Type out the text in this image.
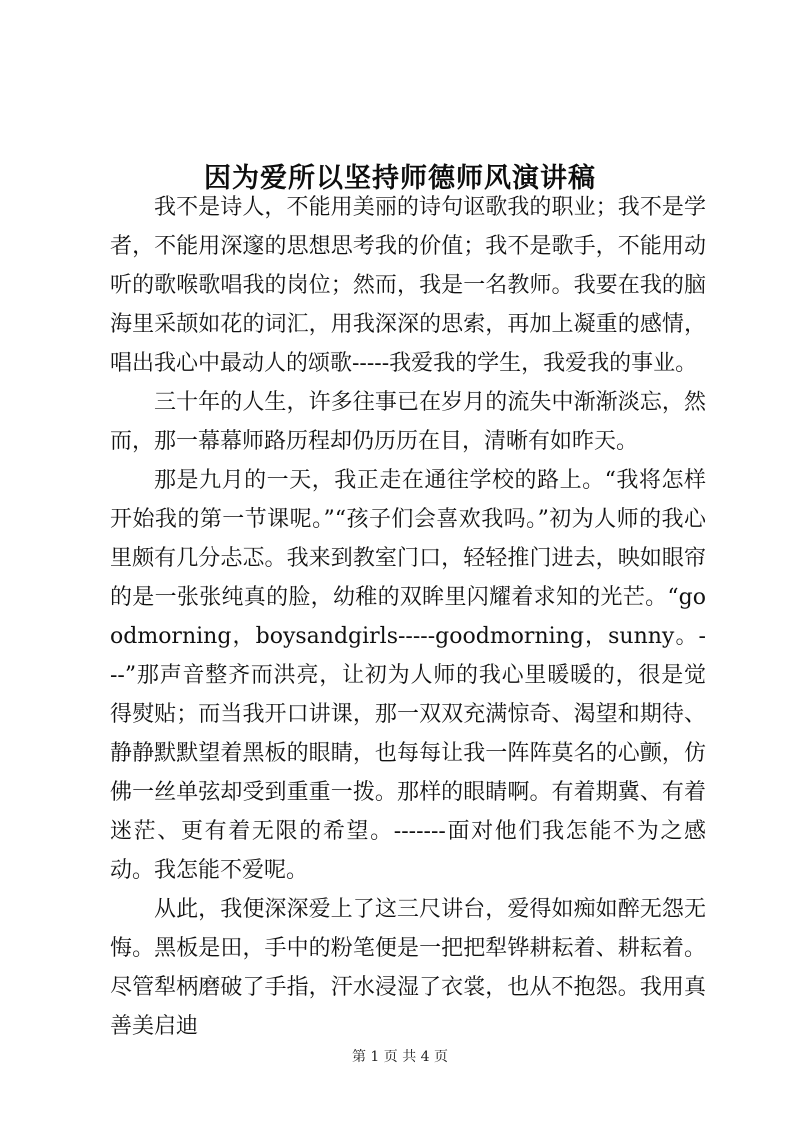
因为爱所以坚持师德师风演讲稿

我不是诗人，不能用美丽的诗句讴歌我的职业；我不是学者，不能用深邃的思想思考我的价值；我不是歌手，不能用动听的歌喉歌唱我的岗位；然而，我是一名教师。我要在我的脑海里采颉如花的词汇，用我深深的思索，再加上凝重的感情，唱出我心中最动人的颂歌-----我爱我的学生，我爱我的事业。

三十年的人生，许多往事已在岁月的流失中渐渐淡忘，然而，那一幕幕师路历程却仍历历在目，清晰有如昨天。

那是九月的一天，我正走在通往学校的路上。“我将怎样开始我的第一节课呢。”“孩子们会喜欢我吗。”初为人师的我心里颇有几分忐忑。我来到教室门口，轻轻推门进去，映如眼帘的是一张张纯真的脸，幼稚的双眸里闪耀着求知的光芒。“goodmorning，boysandgirls-----goodmorning，sunny。---”那声音整齐而洪亮，让初为人师的我心里暖暖的，很是觉得熨贴；而当我开口讲课，那一双双充满惊奇、渴望和期待、静静默默望着黑板的眼睛，也每每让我一阵阵莫名的心颤，仿佛一丝单弦却受到重重一拨。那样的眼睛啊。有着期冀、有着迷茫、更有着无限的希望。-------面对他们我怎能不为之感动。我怎能不爱呢。

从此，我便深深爱上了这三尺讲台，爱得如痴如醉无怨无悔。黑板是田，手中的粉笔便是一把把犁铧耕耘着、耕耘着。尽管犁柄磨破了手指，汗水浸湿了衣裳，也从不抱怨。我用真善美启迪

第 1 页 共 4 页
